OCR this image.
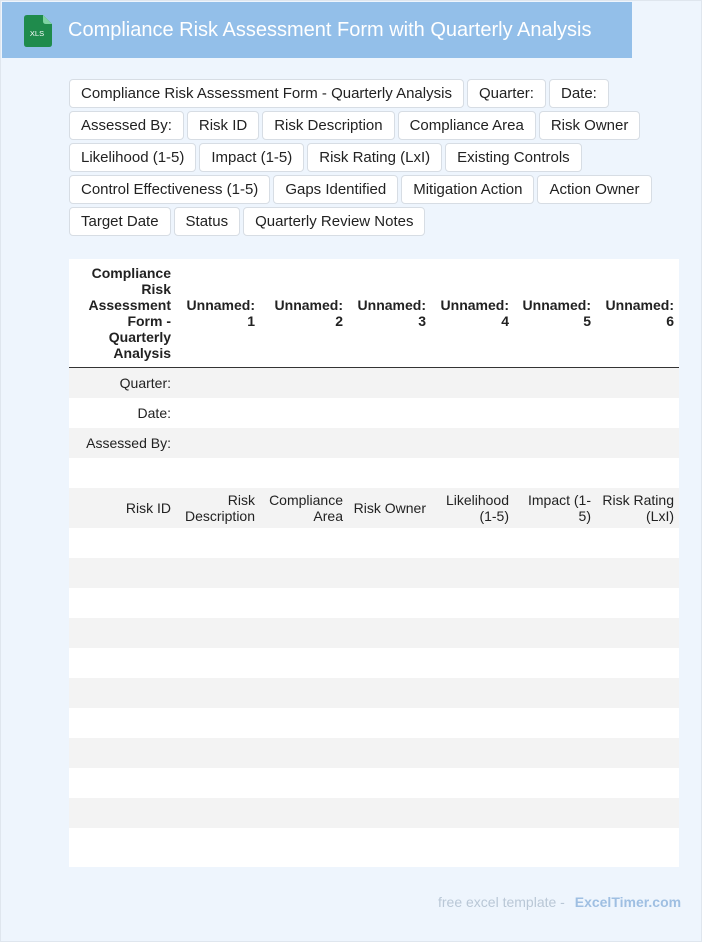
XLS Compliance Risk Assessment Form with Quarterly Analysis
Compliance Risk Assessment Form - Quarterly Analysis	Quarter:	Date:
Assessed By:	Risk ID	Risk Description	Compliance Area	Risk Owner
Likelihood (1-5)	Impact (1-5)	Risk Rating (LxI)	Existing Controls
Control Effectiveness (1-5)	Gaps Identified	Mitigation Action	Action Owner
Target Date	Status	Quarterly Review Notes
	Compliance Risk Assessment Form - Quarterly Analysis	Unnamed: 1	Unnamed: 2	Unnamed: 3	Unnamed: 4	Unnamed: 5	Unnamed: 6
	Quarter:						
	Date:						
	Assessed By:						

	Risk ID	Risk Description	Compliance Area	Risk Owner	Likelihood (1-5)	Impact (1-5)	Risk Rating (LxI)

free excel template - ExcelTimer.com
